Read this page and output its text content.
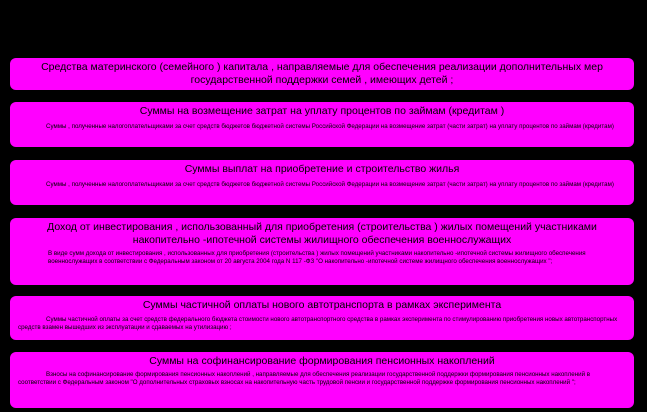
Средства материнского (семейного ) капитала , направляемые для обеспечения реализации дополнительных мер государственной поддержки семей , имеющих детей ;
Суммы на возмещение затрат на уплату процентов по займам (кредитам )
Суммы , полученные налогоплательщиками за счет средств бюджетов бюджетной системы Российской Федерации на возмещение затрат (части затрат) на уплату процентов по займам (кредитам)
Суммы выплат на приобретение и строительство жилья
Суммы , полученные налогоплательщиками за счет средств бюджетов бюджетной системы Российской Федерации на возмещение затрат (части затрат) на уплату процентов по займам (кредитам)
Доход от инвестирования , использованный для приобретения (строительства ) жилых помещений участниками накопительно -ипотечной системы жилищного обеспечения военнослужащих
В виде сумм дохода от инвестирования , использованных для приобретения (строительства ) жилых помещений участниками накопительно -ипотечной системы жилищного обеспечения военнослужащих в соответствии с Федеральным законом от 20 августа 2004 года N 117 -ФЗ "О накопительно -ипотечной системе жилищного обеспечения военнослужащих ";
Суммы частичной оплаты нового автотранспорта в рамках эксперимента
Суммы частичной оплаты за счет средств федерального бюджета стоимости нового автотранспортного средства в рамках эксперимента по стимулированию приобретения новых автотранспортных средств взамен вышедших из эксплуатации и сдаваемых на утилизацию ;
Суммы на софинансирование формирования пенсионных накоплений
Взносы на софинансирование формирования пенсионных накоплений , направляемые для обеспечения реализации государственной поддержки формирования пенсионных накоплений в соответствии с Федеральным законом "О дополнительных страховых взносах на накопительную часть трудовой пенсии и государственной поддержке формирования пенсионных накоплений ";
